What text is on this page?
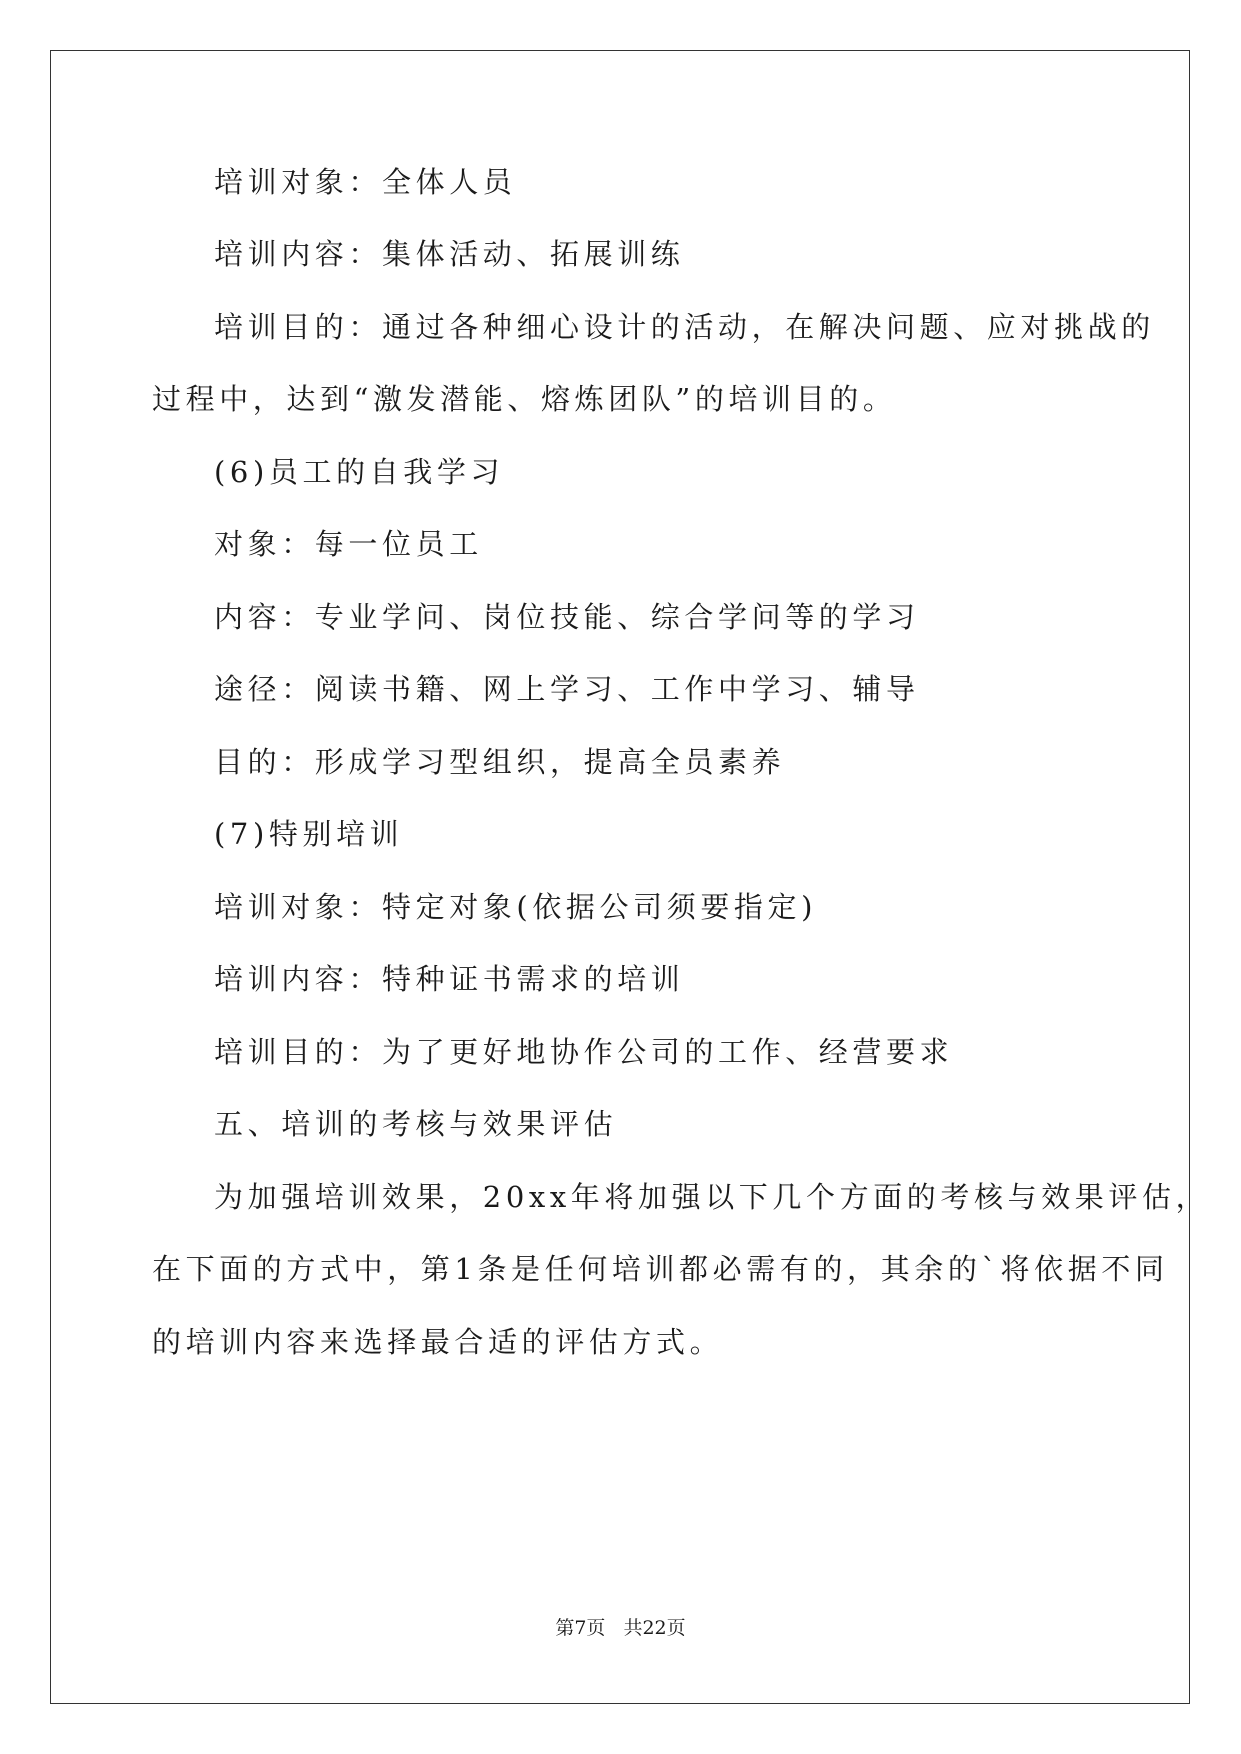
培训对象：全体人员
培训内容：集体活动、拓展训练
培训目的：通过各种细心设计的活动，在解决问题、应对挑战的
过程中，达到“激发潜能、熔炼团队”的培训目的。
(6)员工的自我学习
对象：每一位员工
内容：专业学问、岗位技能、综合学问等的学习
途径：阅读书籍、网上学习、工作中学习、辅导
目的：形成学习型组织，提高全员素养
(7)特别培训
培训对象：特定对象(依据公司须要指定)
培训内容：特种证书需求的培训
培训目的：为了更好地协作公司的工作、经营要求
五、培训的考核与效果评估
为加强培训效果，20xx年将加强以下几个方面的考核与效果评估，
在下面的方式中，第1条是任何培训都必需有的，其余的`将依据不同
的培训内容来选择最合适的评估方式。
第7页 共22页
